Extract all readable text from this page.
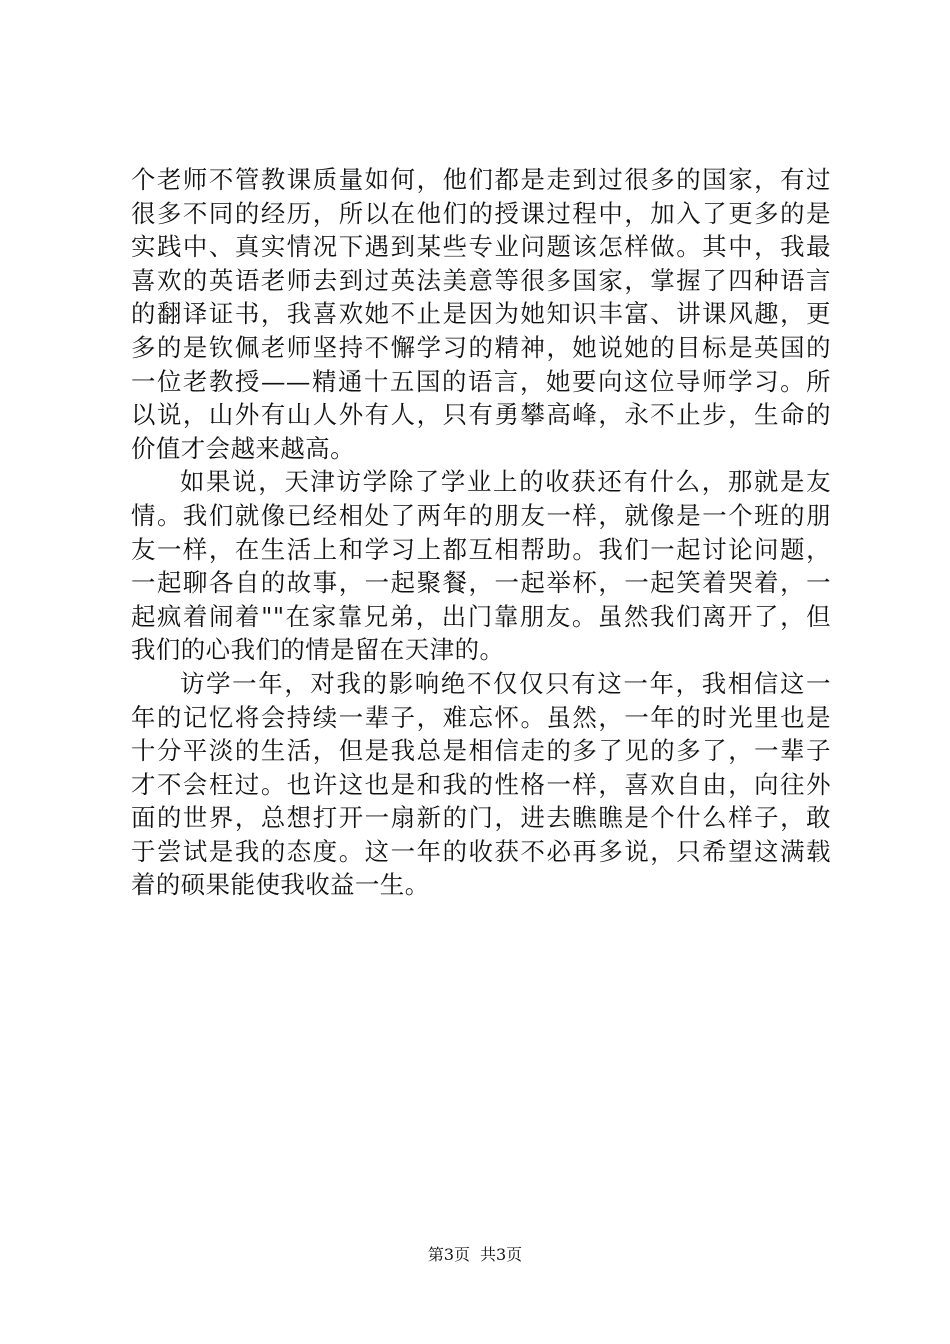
个老师不管教课质量如何，他们都是走到过很多的国家，有过
很多不同的经历，所以在他们的授课过程中，加入了更多的是
实践中、真实情况下遇到某些专业问题该怎样做。其中，我最
喜欢的英语老师去到过英法美意等很多国家，掌握了四种语言
的翻译证书，我喜欢她不止是因为她知识丰富、讲课风趣，更
多的是钦佩老师坚持不懈学习的精神，她说她的目标是英国的
一位老教授——精通十五国的语言，她要向这位导师学习。所
以说，山外有山人外有人，只有勇攀高峰，永不止步，生命的
价值才会越来越高。
如果说，天津访学除了学业上的收获还有什么，那就是友
情。我们就像已经相处了两年的朋友一样，就像是一个班的朋
友一样，在生活上和学习上都互相帮助。我们一起讨论问题，
一起聊各自的故事，一起聚餐，一起举杯，一起笑着哭着，一
起疯着闹着""在家靠兄弟，出门靠朋友。虽然我们离开了，但
我们的心我们的情是留在天津的。
访学一年，对我的影响绝不仅仅只有这一年，我相信这一
年的记忆将会持续一辈子，难忘怀。虽然，一年的时光里也是
十分平淡的生活，但是我总是相信走的多了见的多了，一辈子
才不会枉过。也许这也是和我的性格一样，喜欢自由，向往外
面的世界，总想打开一扇新的门，进去瞧瞧是个什么样子，敢
于尝试是我的态度。这一年的收获不必再多说，只希望这满载
着的硕果能使我收益一生。
第3页 共3页
